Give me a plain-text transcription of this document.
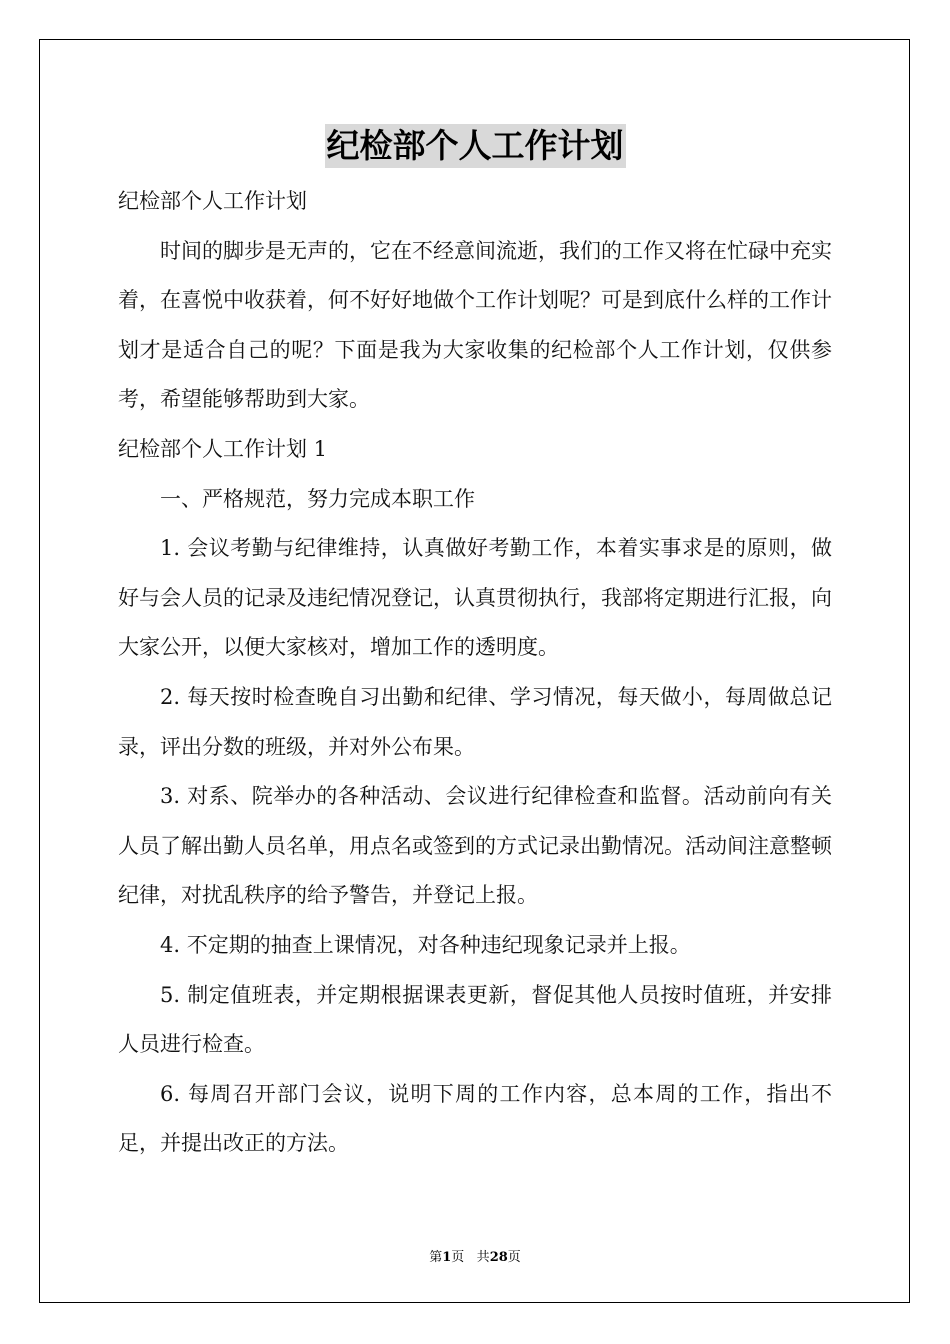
纪检部个人工作计划

纪检部个人工作计划

时间的脚步是无声的，它在不经意间流逝，我们的工作又将在忙碌中充实着，在喜悦中收获着，何不好好地做个工作计划呢？可是到底什么样的工作计划才是适合自己的呢？下面是我为大家收集的纪检部个人工作计划，仅供参考，希望能够帮助到大家。

纪检部个人工作计划 1

一、严格规范，努力完成本职工作

1. 会议考勤与纪律维持，认真做好考勤工作，本着实事求是的原则，做好与会人员的记录及违纪情况登记，认真贯彻执行，我部将定期进行汇报，向大家公开，以便大家核对，增加工作的透明度。

2. 每天按时检查晚自习出勤和纪律、学习情况，每天做小，每周做总记录，评出分数的班级，并对外公布果。

3. 对系、院举办的各种活动、会议进行纪律检查和监督。活动前向有关人员了解出勤人员名单，用点名或签到的方式记录出勤情况。活动间注意整顿纪律，对扰乱秩序的给予警告，并登记上报。

4. 不定期的抽查上课情况，对各种违纪现象记录并上报。

5. 制定值班表，并定期根据课表更新，督促其他人员按时值班，并安排人员进行检查。

6. 每周召开部门会议，说明下周的工作内容，总本周的工作，指出不足，并提出改正的方法。

第1页 共28页
